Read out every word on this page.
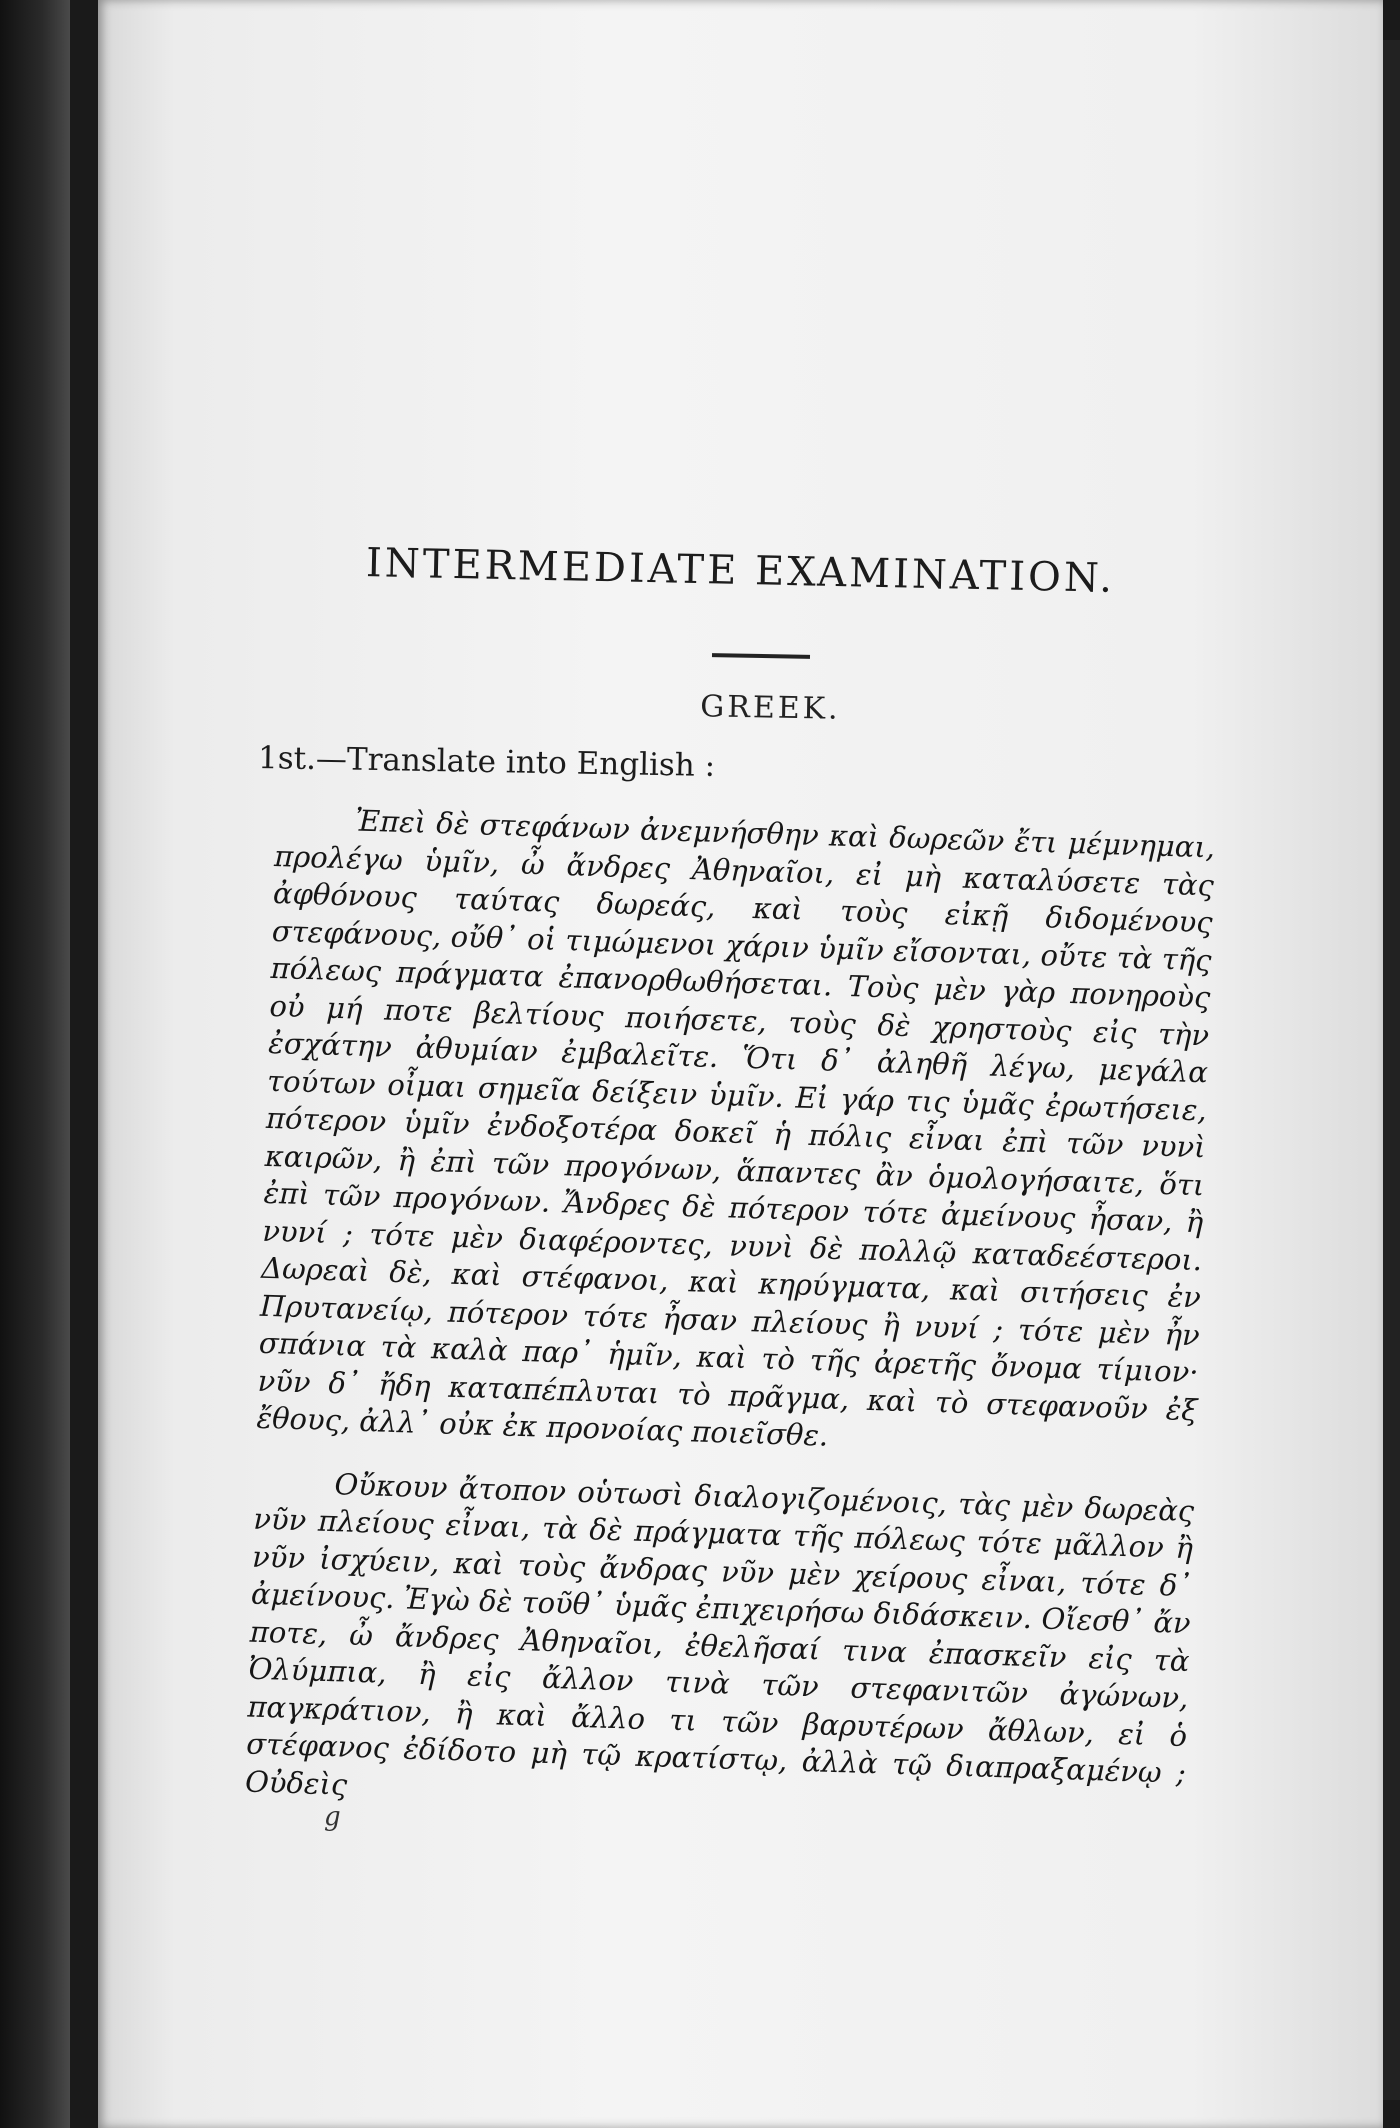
INTERMEDIATE EXAMINATION.
GREEK.
1st.—Translate into English :

Ἐπεὶ δὲ στεφάνων ἀνεμνήσθην καὶ δωρεῶν ἔτι μέμνημαι, προλέγω ὑμῖν, ὦ ἄνδρες Ἀθηναῖοι, εἰ μὴ καταλύσετε τὰς ἀφθόνους ταύτας δωρεάς, καὶ τοὺς εἰκῇ διδομένους στεφάνους, οὔθ᾽ οἱ τιμώμενοι χάριν ὑμῖν εἴσονται, οὔτε τὰ τῆς πόλεως πράγματα ἐπανορθωθήσεται. Τοὺς μὲν γὰρ πονηροὺς οὐ μή ποτε βελτίους ποιήσετε, τοὺς δὲ χρηστοὺς εἰς τὴν ἐσχάτην ἀθυμίαν ἐμβαλεῖτε. Ὅτι δ᾽ ἀληθῆ λέγω, μεγάλα τούτων οἶμαι σημεῖα δείξειν ὑμῖν. Εἰ γάρ τις ὑμᾶς ἐρωτήσειε, πότερον ὑμῖν ἐνδοξοτέρα δοκεῖ ἡ πόλις εἶναι ἐπὶ τῶν νυνὶ καιρῶν, ἢ ἐπὶ τῶν προγόνων, ἅπαντες ἂν ὁμολογήσαιτε, ὅτι ἐπὶ τῶν προγόνων. Ἄνδρες δὲ πότερον τότε ἀμείνους ἦσαν, ἢ νυνί ; τότε μὲν διαφέροντες, νυνὶ δὲ πολλῷ καταδεέστεροι. Δωρεαὶ δὲ, καὶ στέφανοι, καὶ κηρύγματα, καὶ σιτήσεις ἐν Πρυτανείῳ, πότερον τότε ἦσαν πλείους ἢ νυνί ; τότε μὲν ἦν σπάνια τὰ καλὰ παρ᾽ ἡμῖν, καὶ τὸ τῆς ἀρετῆς ὄνομα τίμιον· νῦν δ᾽ ἤδη καταπέπλυται τὸ πρᾶγμα, καὶ τὸ στεφανοῦν ἐξ ἔθους, ἀλλ᾽ οὐκ ἐκ προνοίας ποιεῖσθε.

Οὔκουν ἄτοπον οὑτωσὶ διαλογιζομένοις, τὰς μὲν δωρεὰς νῦν πλείους εἶναι, τὰ δὲ πράγματα τῆς πόλεως τότε μᾶλλον ἢ νῦν ἰσχύειν, καὶ τοὺς ἄνδρας νῦν μὲν χείρους εἶναι, τότε δ᾽ ἀμείνους. Ἐγὼ δὲ τοῦθ᾽ ὑμᾶς ἐπιχειρήσω διδάσκειν. Οἴεσθ᾽ ἄν ποτε, ὦ ἄνδρες Ἀθηναῖοι, ἐθελῆσαί τινα ἐπασκεῖν εἰς τὰ Ὀλύμπια, ἢ εἰς ἄλλον τινὰ τῶν στεφανιτῶν ἀγώνων, παγκράτιον, ἢ καὶ ἄλλο τι τῶν βαρυτέρων ἄθλων, εἰ ὁ στέφανος ἐδίδοτο μὴ τῷ κρατίστῳ, ἀλλὰ τῷ διαπραξαμένῳ ; Οὐδεὶς

g
